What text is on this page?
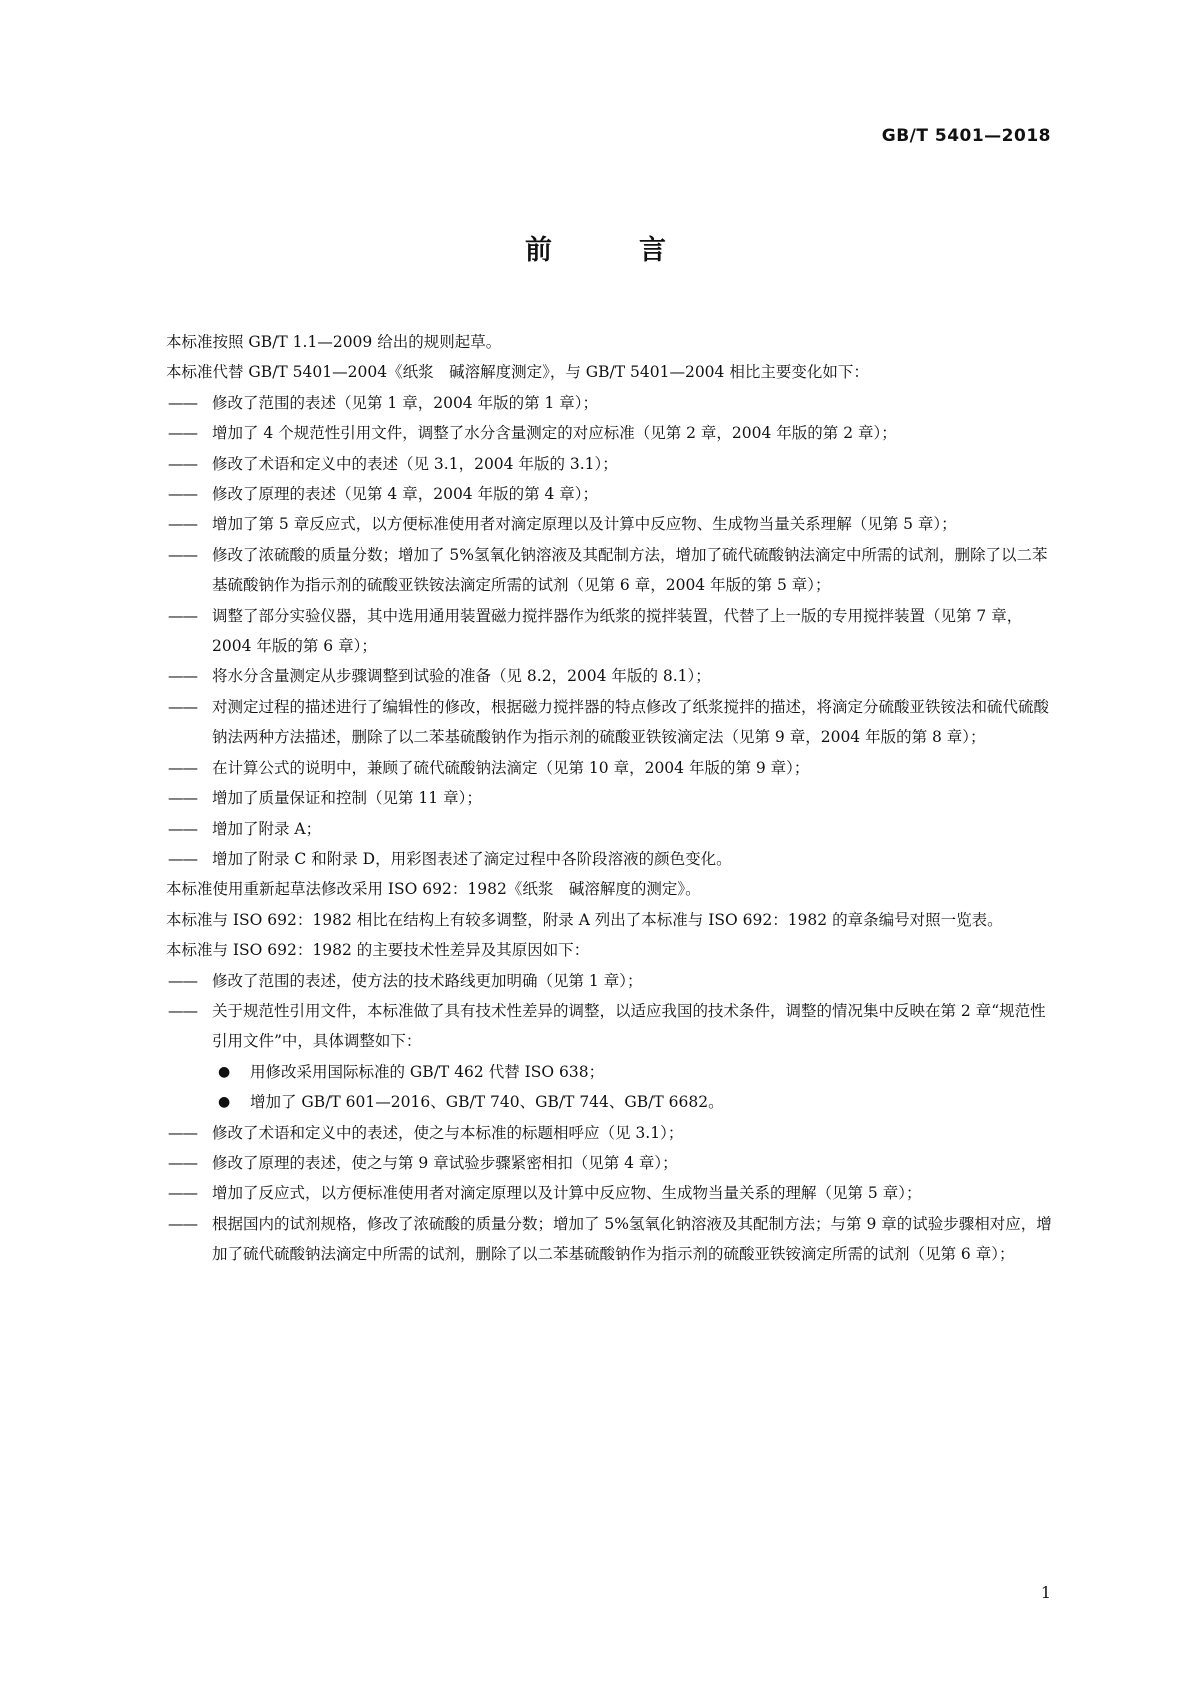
GB/T 5401—2018
前　言

本标准按照 GB/T 1.1—2009 给出的规则起草。

本标准代替 GB/T 5401—2004《纸浆　碱溶解度测定》，与 GB/T 5401—2004 相比主要变化如下：

—— 修改了范围的表述（见第 1 章，2004 年版的第 1 章）；

—— 增加了 4 个规范性引用文件，调整了水分含量测定的对应标准（见第 2 章，2004 年版的第 2 章）；

—— 修改了术语和定义中的表述（见 3.1，2004 年版的 3.1）；

—— 修改了原理的表述（见第 4 章，2004 年版的第 4 章）；

—— 增加了第 5 章反应式，以方便标准使用者对滴定原理以及计算中反应物、生成物当量关系理解（见第 5 章）；

—— 修改了浓硫酸的质量分数；增加了 5%氢氧化钠溶液及其配制方法，增加了硫代硫酸钠法滴定中所需的试剂，删除了以二苯基硫酸钠作为指示剂的硫酸亚铁铵法滴定所需的试剂（见第 6 章，2004 年版的第 5 章）；

—— 调整了部分实验仪器，其中选用通用装置磁力搅拌器作为纸浆的搅拌装置，代替了上一版的专用搅拌装置（见第 7 章，2004 年版的第 6 章）；

—— 将水分含量测定从步骤调整到试验的准备（见 8.2，2004 年版的 8.1）；

—— 对测定过程的描述进行了编辑性的修改，根据磁力搅拌器的特点修改了纸浆搅拌的描述，将滴定分硫酸亚铁铵法和硫代硫酸钠法两种方法描述，删除了以二苯基硫酸钠作为指示剂的硫酸亚铁铵滴定法（见第 9 章，2004 年版的第 8 章）；

—— 在计算公式的说明中，兼顾了硫代硫酸钠法滴定（见第 10 章，2004 年版的第 9 章）；

—— 增加了质量保证和控制（见第 11 章）；

—— 增加了附录 A；

—— 增加了附录 C 和附录 D，用彩图表述了滴定过程中各阶段溶液的颜色变化。

本标准使用重新起草法修改采用 ISO 692：1982《纸浆　碱溶解度的测定》。

本标准与 ISO 692：1982 相比在结构上有较多调整，附录 A 列出了本标准与 ISO 692：1982 的章条编号对照一览表。

本标准与 ISO 692：1982 的主要技术性差异及其原因如下：

—— 修改了范围的表述，使方法的技术路线更加明确（见第 1 章）；

—— 关于规范性引用文件，本标准做了具有技术性差异的调整，以适应我国的技术条件，调整的情况集中反映在第 2 章“规范性引用文件”中，具体调整如下：

● 用修改采用国际标准的 GB/T 462 代替 ISO 638；

● 增加了 GB/T 601—2016、GB/T 740、GB/T 744、GB/T 6682。

—— 修改了术语和定义中的表述，使之与本标准的标题相呼应（见 3.1）；

—— 修改了原理的表述，使之与第 9 章试验步骤紧密相扣（见第 4 章）；

—— 增加了反应式，以方便标准使用者对滴定原理以及计算中反应物、生成物当量关系的理解（见第 5 章）；

—— 根据国内的试剂规格，修改了浓硫酸的质量分数；增加了 5%氢氧化钠溶液及其配制方法；与第 9 章的试验步骤相对应，增加了硫代硫酸钠法滴定中所需的试剂，删除了以二苯基硫酸钠作为指示剂的硫酸亚铁铵滴定所需的试剂（见第 6 章）；

1
